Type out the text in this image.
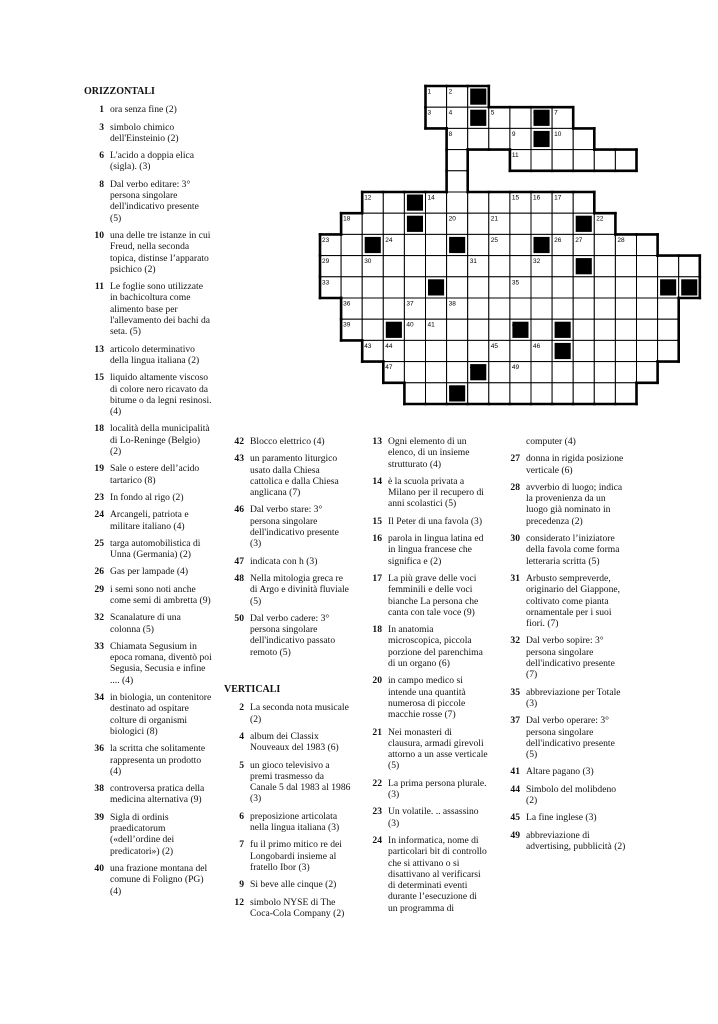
1	2
3	4	5	6	7
8	9	10
11
12	13 14	15 16 17
18	19	20	21	22
23	24	25	26 27	28
29	30	31	32
33	34	35
36	37	38
39	40 41	42
43 44	45	46
47	48	49
50
ORIZZONTALI
1 ora senza fine (2)
3 simbolo chimico dell'Einsteinio (2)
6 L'acido a doppia elica (sigla). (3)
8 Dal verbo editare: 3° persona singolare dell'indicativo presente (5)
10 una delle tre istanze in cui Freud, nella seconda topica, distinse l’apparato psichico (2)
11 Le foglie sono utilizzate in bachicoltura come alimento base per l'allevamento dei bachi da seta. (5)
13 articolo determinativo della lingua italiana (2)
15 liquido altamente viscoso di colore nero ricavato da bitume o da legni resinosi. (4)
18 località della municipalità di Lo-Reninge (Belgio) (2)
19 Sale o estere dell’acido tartarico (8)
23 In fondo al rigo (2)
24 Arcangeli, patriota e militare italiano (4)
25 targa automobilistica di Unna (Germania) (2)
26 Gas per lampade (4)
29 i semi sono noti anche come semi di ambretta (9)
32 Scanalature di una colonna (5)
33 Chiamata Segusium in epoca romana, diventò poi Segusia, Secusia e infine .... (4)
34 in biologia, un contenitore destinato ad ospitare colture di organismi biologici (8)
36 la scritta che solitamente rappresenta un prodotto (4)
38 controversa pratica della medicina alternativa (9)
39 Sigla di ordinis praedicatorum («dell’ordine dei predicatori») (2)
40 una frazione montana del comune di Foligno (PG) (4)
42 Blocco elettrico (4)
43 un paramento liturgico usato dalla Chiesa cattolica e dalla Chiesa anglicana (7)
46 Dal verbo stare: 3° persona singolare dell'indicativo presente (3)
47 indicata con h (3)
48 Nella mitologia greca re di Argo e divinità fluviale (5)
50 Dal verbo cadere: 3° persona singolare dell'indicativo passato remoto (5)
VERTICALI
2 La seconda nota musicale (2)
4 album dei Classix Nouveaux del 1983 (6)
5 un gioco televisivo a premi trasmesso da Canale 5 dal 1983 al 1986 (3)
6 preposizione articolata nella lingua italiana (3)
7 fu il primo mitico re dei Longobardi insieme al fratello Ibor (3)
9 Si beve alle cinque (2)
12 simbolo NYSE di The Coca-Cola Company (2)
13 Ogni elemento di un elenco, di un insieme strutturato (4)
14 è la scuola privata a Milano per il recupero di anni scolastici (5)
15 Il Peter di una favola (3)
16 parola in lingua latina ed in lingua francese che significa e (2)
17 La più grave delle voci femminili e delle voci bianche La persona che canta con tale voce (9)
18 In anatomia microscopica, piccola porzione del parenchima di un organo (6)
20 in campo medico si intende una quantità numerosa di piccole macchie rosse (7)
21 Nei monasteri di clausura, armadi girevoli attorno a un asse verticale (5)
22 La prima persona plurale. (3)
23 Un volatile. .. assassino (3)
24 In informatica, nome di particolari bit di controllo che si attivano o si disattivano al verificarsi di determinati eventi durante l’esecuzione di un programma di
computer (4)
27 donna in rigida posizione verticale (6)
28 avverbio di luogo; indica la provenienza da un luogo già nominato in precedenza (2)
30 considerato l’iniziatore della favola come forma letteraria scritta (5)
31 Arbusto sempreverde, originario del Giappone, coltivato come pianta ornamentale per i suoi fiori. (7)
32 Dal verbo sopire: 3° persona singolare dell'indicativo presente (7)
35 abbreviazione per Totale (3)
37 Dal verbo operare: 3° persona singolare dell'indicativo presente (5)
41 Altare pagano (3)
44 Simbolo del molibdeno (2)
45 La fine inglese (3)
49 abbreviazione di advertising, pubblicità (2)
